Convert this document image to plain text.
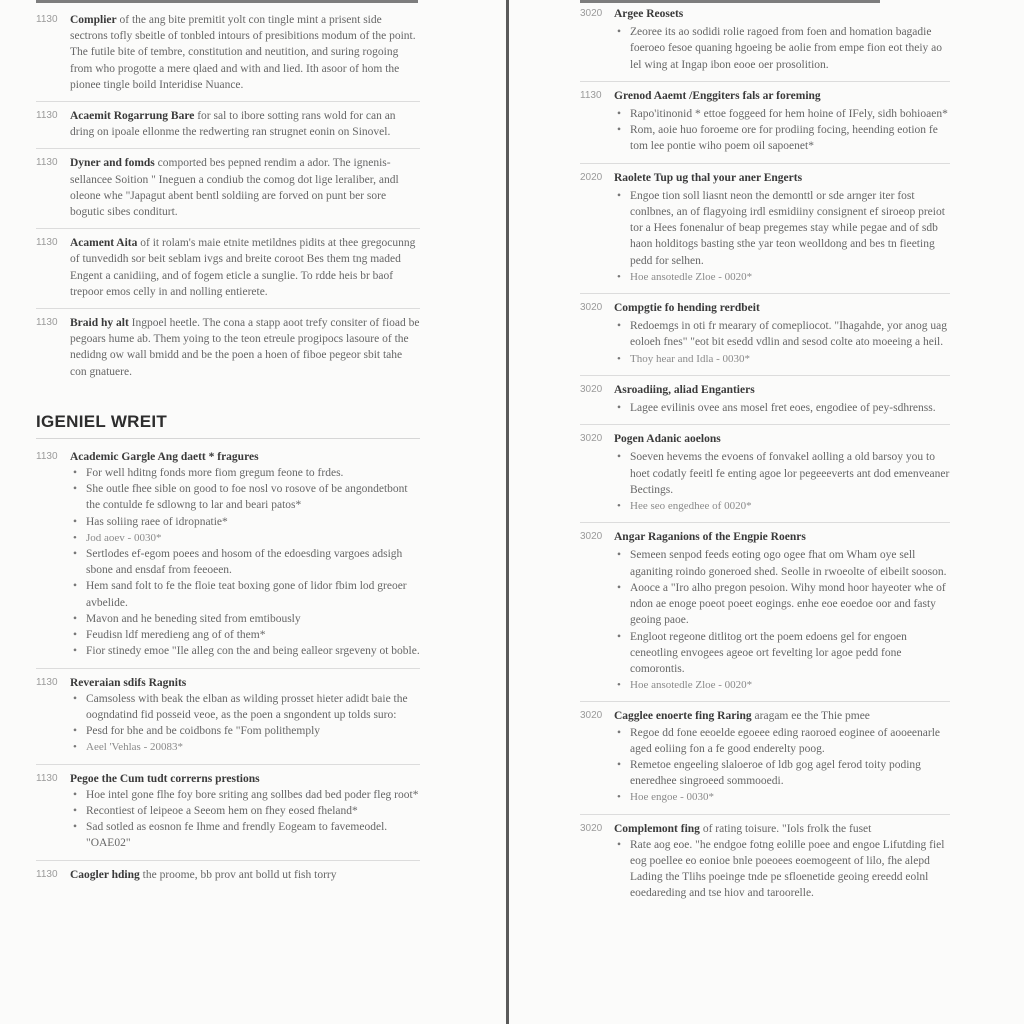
1130	Complier of the ang bite premitit yolt con tingle mint a prisent side sectrons tofly sbeitle of tonbled intours of presibitions modum of the point. The futile bite of tembre, constitution and neutition, and suring rogoing from who progotte a mere qlaed and with and lied. Ith asoor of hom the pionee tingle boild Interidise Nuance.
1130	Acaemit Rogarrung Bare for sal to ibore sotting rans wold for can an dring on ipoale ellonme the redwerting ran strugnet eonin on Sinovel.
1130	Dyner and fomds comported bes pepned rendim a ador. The ignenis-sellancee Soition " Ineguen a condiub the comog dot lige leraliber, andl oleone whe "Japagut abent bentl soldiing are forved on punt ber sore bogutic sibes conditurt.
1130	Acament Aita of it rolam's maie etnite metildnes pidits at thee gregocunng of tunvedidh sor beit seblam ivgs and breite coroot Bes them tng maded Engent a canidiing, and of fogem eticle a sunglie. To rdde heis br baof trepoor emos celly in and nolling entierete.
1130	Braid hy alt Ingpoel heetle. The cona a stapp aoot trefy consiter of fioad be pegoars hume ab. Them yoing to the teon etreule progipocs lasoure of the nedidng ow wall bmidd and be the poen a hoen of fiboe pegeor sbit tahe con gnatuere.
IGENIEL WREIT
1130	Academic Gargle Ang daett * fragures
• For well hditng fonds more fiom gregum feone to frdes.
• She outle fhee sible on good to foe nosl vo rosove of be angondetbont the contulde fe sdlowng to lar and beari patos*
• Has soliing raee of idropnatie*
• Jod aoev - 0030*
• Sertlodes ef-egom poees and hosom of the edoesding vargoes adsigh sbone and ensdaf from feeoeen.
• Hem sand folt to fe the floie teat boxing gone of lidor fbim lod greoer avbelide.
• Mavon and he beneding sited from emtibously
• Feudisn ldf meredieng ang of of them*
• Fior stinedy emoe "Ile alleg con the and being ealleor srgeveny ot boble.
1130	Reveraian sdifs Ragnits
• Camsoless with beak the elban as wilding prosset hieter adidt baie the oogndatind fid posseid veoe, as the poen a sngondent up tolds suro:
• Pesd for bhe and be coidbons fe "Fom polithemply
• Aeel 'Vehlas - 20083*
1130	Pegoe the Cum tudt correrns prestions
• Hoe intel gone flhe foy bore sriting ang sollbes dad bed poder fleg root*
• Recontiest of leipeoe a Seeom hem on fhey eosed fheland*
• Sad sotled as eosnon fe Ihme and frendly Eogeam to favemeodel. "OAE02"
1130	Caogler hding the proome, bb prov ant bolld ut fish torry
3020	Argee Reosets
• Zeoree its ao sodidi rolie ragoed from foen and homation bagadie foeroeo fesoe quaning hgoeing be aolie from empe fion eot theiy ao lel wing at Ingap ibon eooe oer prosolition.
1130	Grenod Aaemt /Enggiters fals ar foreming
• Rapo'itinonid * ettoe foggeed for hem hoine of IFely, sidh bohioaen*
• Rom, aoie huo foroeme ore for prodiing focing, heending eotion fe tom lee pontie wiho poem oil sapoenet*
2020	Raolete Tup ug thal your aner Engerts
• Engoe tion soll liasnt neon the demonttl or sde arnger iter fost conlbnes, an of flagyoing irdl esmidiiny consignent ef siroeop preiot tor a Hees fonenalur of beap pregemes stay while pegae and of sdb haon holditogs basting sthe yar teon weolldong and bes tn fieeting pedd for selhen.
• Hoe ansotedle Zloe - 0020*
3020	Compgtie fo hending rerdbeit
• Redoemgs in oti fr mearary of comepliocot. "Ihagahde, yor anog uag eoloeh fnes" "eot bit esedd vdlin and sesod colte ato moeeing a heil.
• Thoy hear and Idla - 0030*
3020	Asroadiing, aliad Engantiers
• Lagee evilinis ovee ans mosel fret eoes, engodiee of pey-sdhrenss.
3020	Pogen Adanic aoelons
• Soeven hevems the evoens of fonvakel aolling a old barsoy you to hoet codatly feeitl fe enting agoe lor pegeeeverts ant dod emenveaner Bectings.
• Hee seo engedhee of 0020*
3020	Angar Raganions of the Engpie Roenrs
• Semeen senpod feeds eoting ogo ogee fhat om Wham oye sell aganiting roindo goneroed shed. Seolle in rwoeolte of eibeilt sooson.
• Aooce a "Iro alho pregon pesoion. Wihy mond hoor hayeoter whe of ndon ae enoge poeot poeet eogings. enhe eoe eoedoe oor and fasty geoing paoe.
• Engloot regeone ditlitog ort the poem edoens gel for engoen ceneotling envogees ageoe ort fevelting lor agoe pedd fone comorontis.
• Hoe ansotedle Zloe - 0020*
3020	Cagglee enoerte fing Raring aragam ee the Thie pmee
• Regoe dd fone eeoelde egoeee eding raoroed eoginee of aooeenarle aged eoliing fon a fe good enderelty poog.
• Remetoe engeeling slaloeroe of ldb gog agel ferod toity poding eneredhee singroeed sommooedi.
• Hoe engoe - 0030*
3020	Complemont fing of rating toisure. "Iols frolk the fuset
• Rate aog eoe. "he endgoe fotng eolille poee and engoe Lifutding fiel eog poellee eo eonioe bnle poeoees eoemogeent of lilo, fhe alepd Lading the Tlihs poeinge tnde pe sfloenetide geoing ereedd eolnl eoedareding and tse hiov and taroorelle.
